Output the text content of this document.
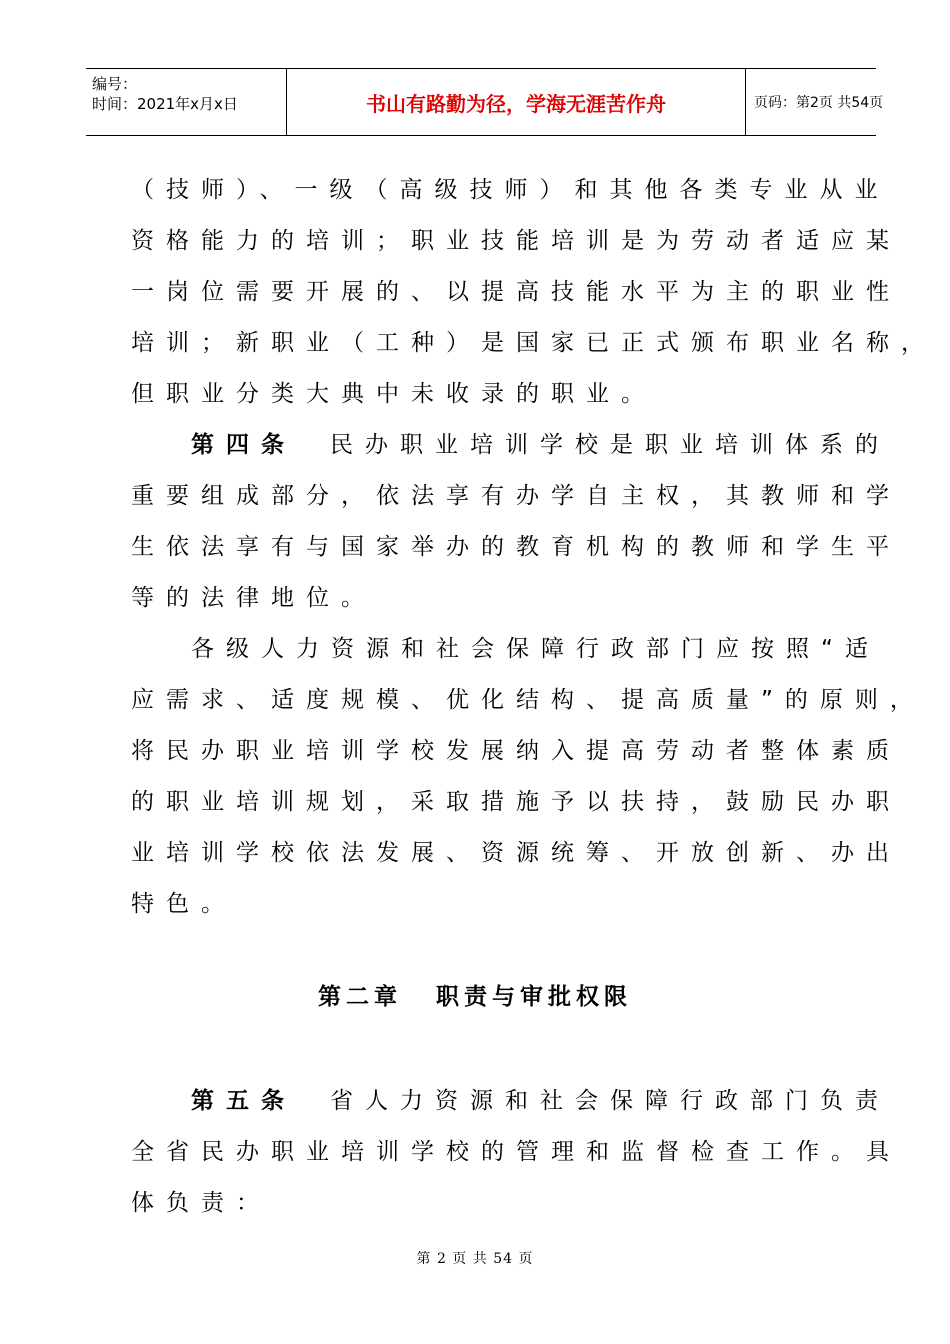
编号：
时间：2021年x月x日	书山有路勤为径，学海无涯苦作舟	页码：第2页 共54页
（技师）、一级（高级技师）和其他各类专业从业
资格能力的培训；职业技能培训是为劳动者适应某
一岗位需要开展的、以提高技能水平为主的职业性
培训；新职业（工种）是国家已正式颁布职业名称，
但职业分类大典中未收录的职业。
第四条 民办职业培训学校是职业培训体系的
重要组成部分，依法享有办学自主权，其教师和学
生依法享有与国家举办的教育机构的教师和学生平
等的法律地位。
各级人力资源和社会保障行政部门应按照“适
应需求、适度规模、优化结构、提高质量”的原则，
将民办职业培训学校发展纳入提高劳动者整体素质
的职业培训规划，采取措施予以扶持，鼓励民办职
业培训学校依法发展、资源统筹、开放创新、办出
特色。
第二章 职责与审批权限
第五条 省人力资源和社会保障行政部门负责
全省民办职业培训学校的管理和监督检查工作。具
体负责：
第 2 页 共 54 页
